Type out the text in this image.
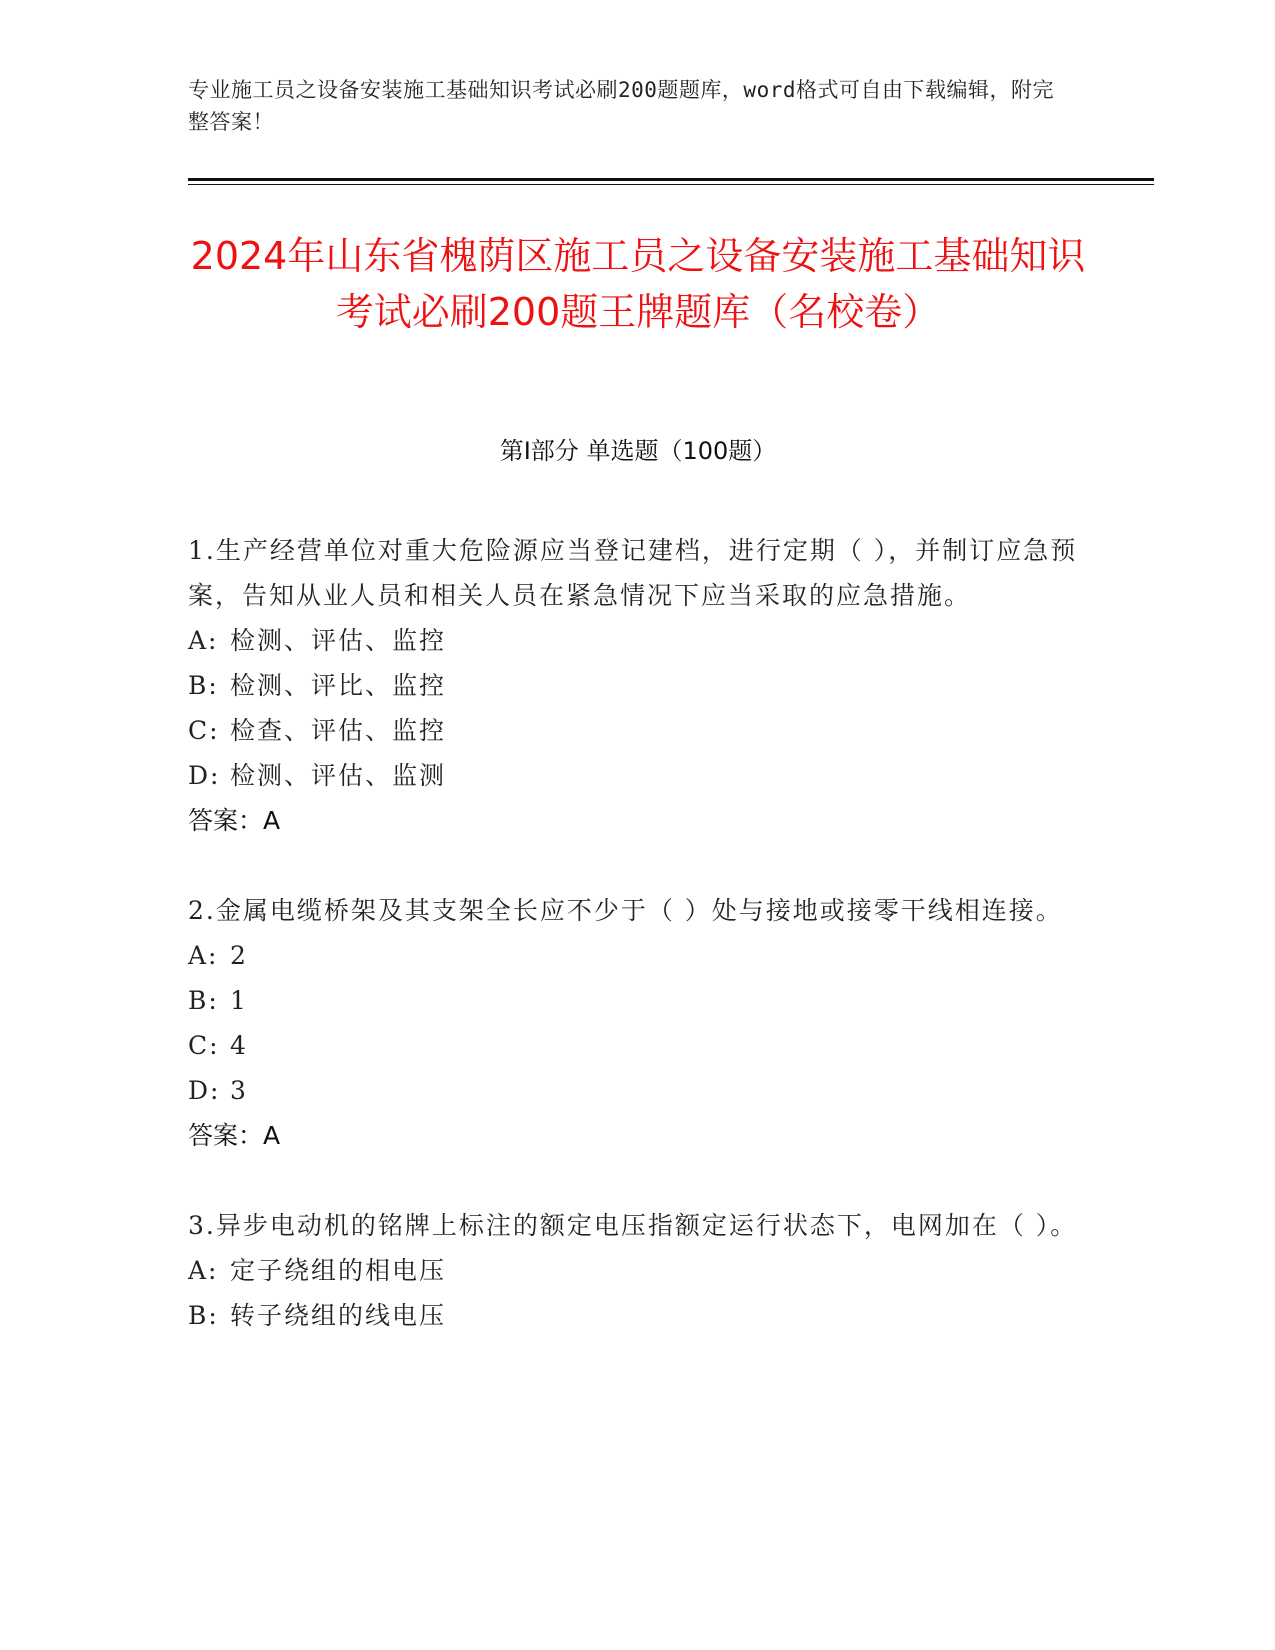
专业施工员之设备安装施工基础知识考试必刷200题题库，word格式可自由下载编辑，附完整答案！
2024年山东省槐荫区施工员之设备安装施工基础知识考试必刷200题王牌题库（名校卷）
第Ⅰ部分 单选题（100题）
1.生产经营单位对重大危险源应当登记建档，进行定期（ ），并制订应急预案，告知从业人员和相关人员在紧急情况下应当采取的应急措施。
A: 检测、评估、监控
B: 检测、评比、监控
C: 检查、评估、监控
D: 检测、评估、监测
答案：A
2.金属电缆桥架及其支架全长应不少于（ ）处与接地或接零干线相连接。
A: 2
B: 1
C: 4
D: 3
答案：A
3.异步电动机的铭牌上标注的额定电压指额定运行状态下，电网加在（ ）。
A: 定子绕组的相电压
B: 转子绕组的线电压
